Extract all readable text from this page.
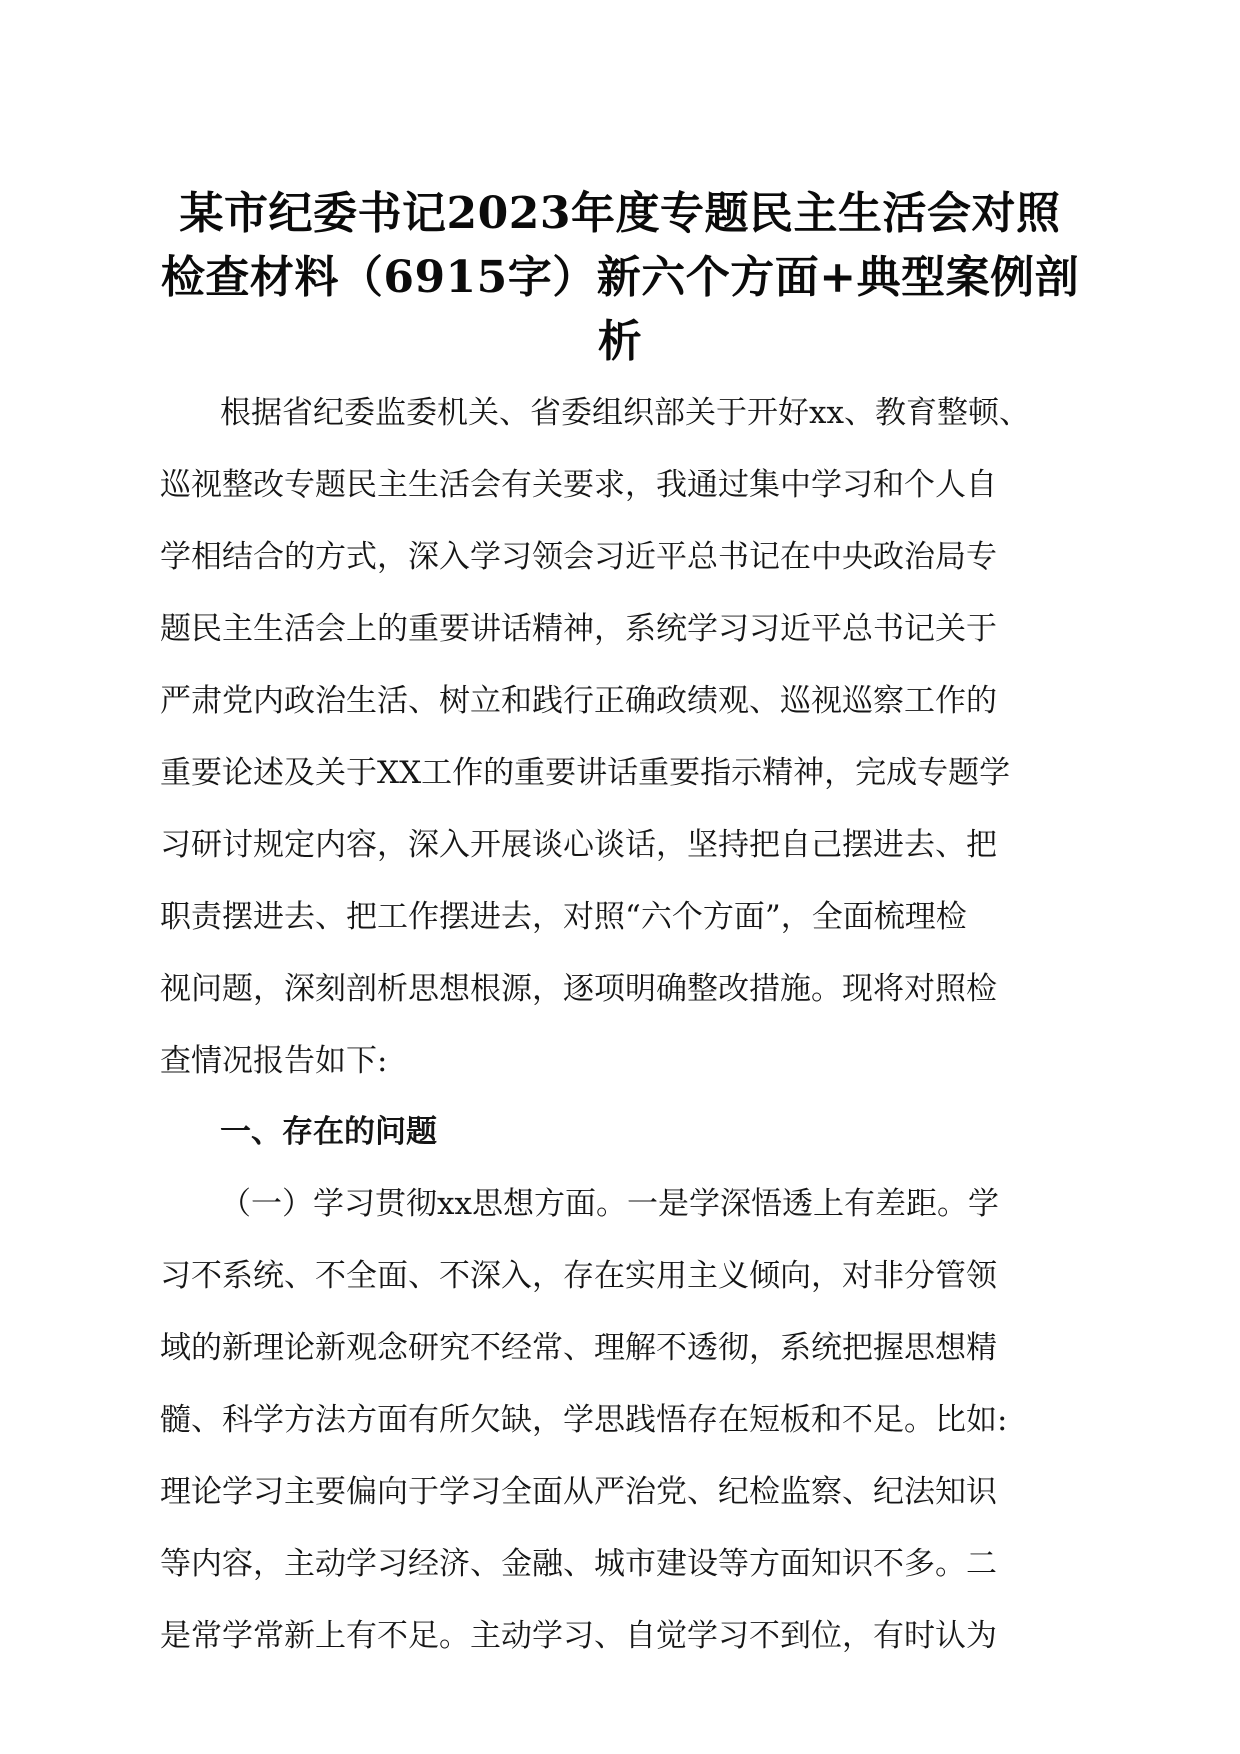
某市纪委书记2023年度专题民主生活会对照
检查材料（6915字）新六个方面+典型案例剖
析
根据省纪委监委机关、省委组织部关于开好xx、教育整顿、
巡视整改专题民主生活会有关要求，我通过集中学习和个人自
学相结合的方式，深入学习领会习近平总书记在中央政治局专
题民主生活会上的重要讲话精神，系统学习习近平总书记关于
严肃党内政治生活、树立和践行正确政绩观、巡视巡察工作的
重要论述及关于XX工作的重要讲话重要指示精神，完成专题学
习研讨规定内容，深入开展谈心谈话，坚持把自己摆进去、把
职责摆进去、把工作摆进去，对照“六个方面”，全面梳理检
视问题，深刻剖析思想根源，逐项明确整改措施。现将对照检
查情况报告如下:
一、存在的问题
（一）学习贯彻xx思想方面。一是学深悟透上有差距。学
习不系统、不全面、不深入，存在实用主义倾向，对非分管领
域的新理论新观念研究不经常、理解不透彻，系统把握思想精
髓、科学方法方面有所欠缺，学思践悟存在短板和不足。比如:
理论学习主要偏向于学习全面从严治党、纪检监察、纪法知识
等内容，主动学习经济、金融、城市建设等方面知识不多。二
是常学常新上有不足。主动学习、自觉学习不到位，有时认为
